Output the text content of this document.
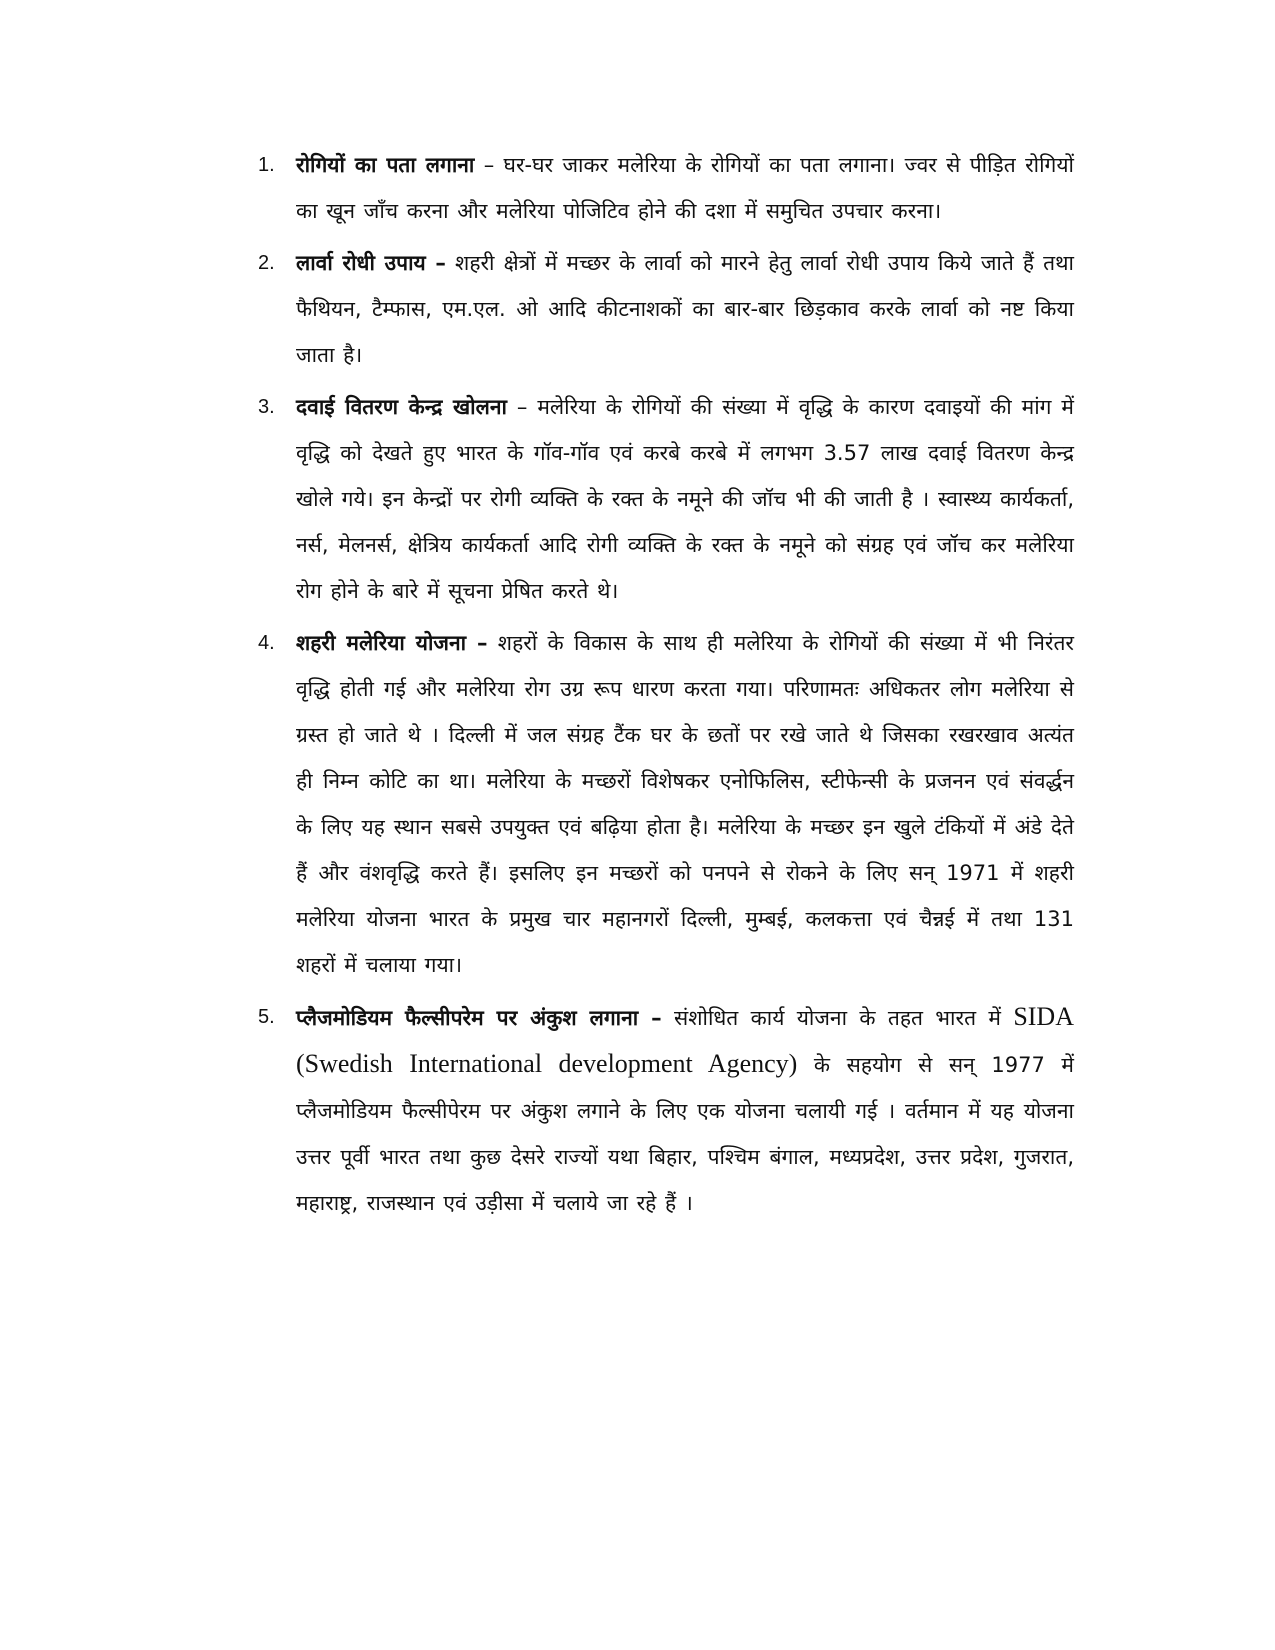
1.	रोगियों का पता लगाना – घर-घर जाकर मलेरिया के रोगियों का पता लगाना। ज्वर से पीड़ित रोगियों का खून जाँच करना और मलेरिया पोजिटिव होने की दशा में समुचित उपचार करना।

2.	लार्वा रोधी उपाय – शहरी क्षेत्रों में मच्छर के लार्वा को मारने हेतु लार्वा रोधी उपाय किये जाते हैं तथा फैथियन, टैम्फास, एम.एल. ओ आदि कीटनाशकों का बार-बार छिड़काव करके लार्वा को नष्ट किया जाता है।

3.	दवाई वितरण केन्द्र खोलना – मलेरिया के रोगियों की संख्या में वृद्धि के कारण दवाइयों की मांग में वृद्धि को देखते हुए भारत के गॉव-गॉव एवं करबे करबे में लगभग 3.57 लाख दवाई वितरण केन्द्र खोले गये। इन केन्द्रों पर रोगी व्यक्ति के रक्त के नमूने की जॉच भी की जाती है । स्वास्थ्य कार्यकर्ता, नर्स, मेलनर्स, क्षेत्रिय कार्यकर्ता आदि रोगी व्यक्ति के रक्त के नमूने को संग्रह एवं जॉच कर मलेरिया रोग होने के बारे में सूचना प्रेषित करते थे।

4.	शहरी मलेरिया योजना – शहरों के विकास के साथ ही मलेरिया के रोगियों की संख्या में भी निरंतर वृद्धि होती गई और मलेरिया रोग उग्र रूप धारण करता गया। परिणामतः अधिकतर लोग मलेरिया से ग्रस्त हो जाते थे । दिल्ली में जल संग्रह टैंक घर के छतों पर रखे जाते थे जिसका रखरखाव अत्यंत ही निम्न कोटि का था। मलेरिया के मच्छरों विशेषकर एनोफिलिस, स्टीफेन्सी के प्रजनन एवं संवर्द्धन के लिए यह स्थान सबसे उपयुक्त एवं बढ़िया होता है। मलेरिया के मच्छर इन खुले टंकियों में अंडे देते हैं और वंशवृद्धि करते हैं। इसलिए इन मच्छरों को पनपने से रोकने के लिए सन् 1971 में शहरी मलेरिया योजना भारत के प्रमुख चार महानगरों दिल्ली, मुम्बई, कलकत्ता एवं चैन्नई में तथा 131 शहरों में चलाया गया।

5.	प्लैजमोडियम फैल्सीपरेम पर अंकुश लगाना – संशोधित कार्य योजना के तहत भारत में SIDA (Swedish International development Agency) के सहयोग से सन् 1977 में प्लैजमोडियम फैल्सीपेरम पर अंकुश लगाने के लिए एक योजना चलायी गई । वर्तमान में यह योजना उत्तर पूर्वी भारत तथा कुछ देसरे राज्यों यथा बिहार, पश्चिम बंगाल, मध्यप्रदेश, उत्तर प्रदेश, गुजरात, महाराष्ट्र, राजस्थान एवं उड़ीसा में चलाये जा रहे हैं ।
